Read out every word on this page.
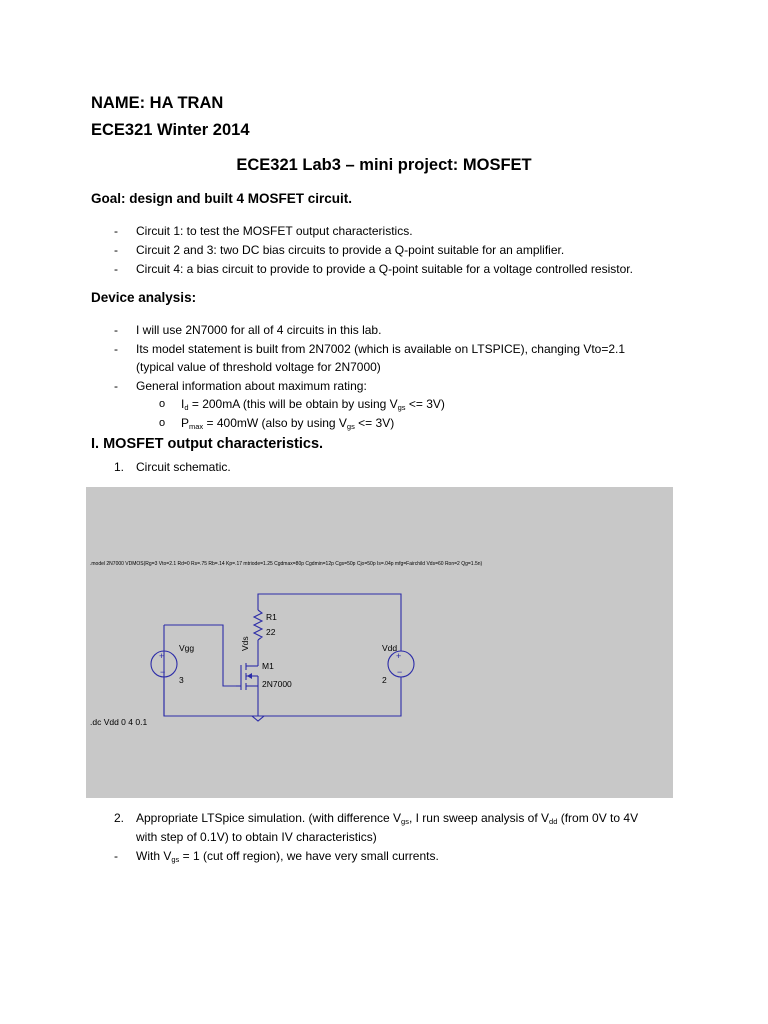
NAME: HA TRAN
ECE321 Winter 2014
ECE321 Lab3 – mini project: MOSFET
Goal: design and built 4 MOSFET circuit.
- Circuit 1: to test the MOSFET output characteristics.
- Circuit 2 and 3: two DC bias circuits to provide a Q-point suitable for an amplifier.
- Circuit 4: a bias circuit to provide to provide a Q-point suitable for a voltage controlled resistor.
Device analysis:
- I will use 2N7000 for all of 4 circuits in this lab.
- Its model statement is built from 2N7002 (which is available on LTSPICE), changing Vto=2.1
(typical value of threshold voltage for 2N7000)
- General information about maximum rating:
o $I_d = 200mA$ (this will be obtain by using $V_{gs} <= 3V$)
o $P_{max} = 400mW$ (also by using $V_{gs} <= 3V$)
I. MOSFET output characteristics.
1. Circuit schematic.
+
−
+
−
.model 2N7000 VDMOS(Rg=3 Vto=2.1 Rd=0 Rs=.75 Rb=.14 Kp=.17 mtriode=1.25 Cgdmax=80p Cgdmin=12p Cgs=50p Cjo=50p Is=.04p mfg=Fairchild Vds=60 Ron=2 Qg=1.5n)
.dc Vdd 0 4 0.1
R1
22
M1
2N7000
Vgg
3
Vdd
2
Vds
2. Appropriate LTSpice simulation. (with difference $V_{gs}$, I run sweep analysis of $V_{dd}$ (from 0V to 4V
with step of 0.1V) to obtain IV characteristics)
- With $V_{gs} = 1$ (cut off region), we have very small currents.
